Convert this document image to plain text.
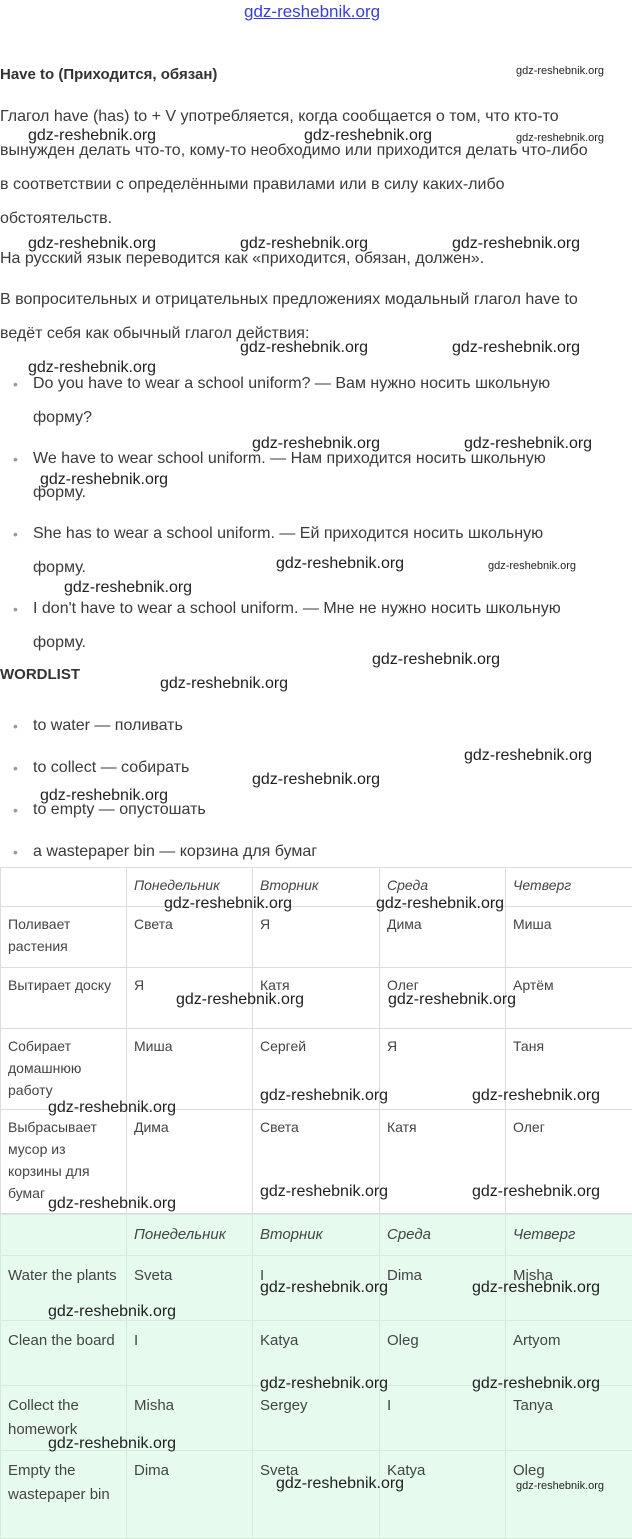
gdz-reshebnik.org
Have to (Приходится, обязан)
Глагол have (has) to + V употребляется, когда сообщается о том, что кто-то
вынужден делать что-то, кому-то необходимо или приходится делать что-либо
в соответствии с определёнными правилами или в силу каких-либо
обстоятельств.
На русский язык переводится как «приходится, обязан, должен».
В вопросительных и отрицательных предложениях модальный глагол have to
ведёт себя как обычный глагол действия:
• Do you have to wear a school uniform? — Вам нужно носить школьную
форму?
• We have to wear school uniform. — Нам приходится носить школьную
форму.
• She has to wear a school uniform. — Ей приходится носить школьную
форму.
• I don't have to wear a school uniform. — Мне не нужно носить школьную
форму.
WORDLIST
• to water — поливать
• to collect — собирать
• to empty — опустошать
• a wastepaper bin — корзина для бумаг
	Понедельник	Вторник	Среда	Четверг
Поливает растения	Света	Я	Дима	Миша
Вытирает доску	Я	Катя	Олег	Артём
Собирает домашнюю работу	Миша	Сергей	Я	Таня
Выбрасывает мусор из корзины для бумаг	Дима	Света	Катя	Олег
	Понедельник	Вторник	Среда	Четверг
Water the plants	Sveta	I	Dima	Misha
Clean the board	I	Katya	Oleg	Artyom
Collect the homework	Misha	Sergey	I	Tanya
Empty the wastepaper bin	Dima	Sveta	Katya	Oleg
gdz-reshebnik.org
gdz-reshebnik.org	gdz-reshebnik.org	gdz-reshebnik.org
gdz-reshebnik.org	gdz-reshebnik.org	gdz-reshebnik.org
gdz-reshebnik.org	gdz-reshebnik.org
gdz-reshebnik.org
gdz-reshebnik.org	gdz-reshebnik.org
gdz-reshebnik.org
gdz-reshebnik.org	gdz-reshebnik.org
gdz-reshebnik.org
gdz-reshebnik.org
gdz-reshebnik.org
gdz-reshebnik.org
gdz-reshebnik.org
gdz-reshebnik.org
gdz-reshebnik.org	gdz-reshebnik.org
gdz-reshebnik.org	gdz-reshebnik.org
gdz-reshebnik.org	gdz-reshebnik.org
gdz-reshebnik.org
gdz-reshebnik.org	gdz-reshebnik.org
gdz-reshebnik.org
gdz-reshebnik.org	gdz-reshebnik.org
gdz-reshebnik.org
gdz-reshebnik.org	gdz-reshebnik.org
gdz-reshebnik.org
gdz-reshebnik.org	gdz-reshebnik.org
